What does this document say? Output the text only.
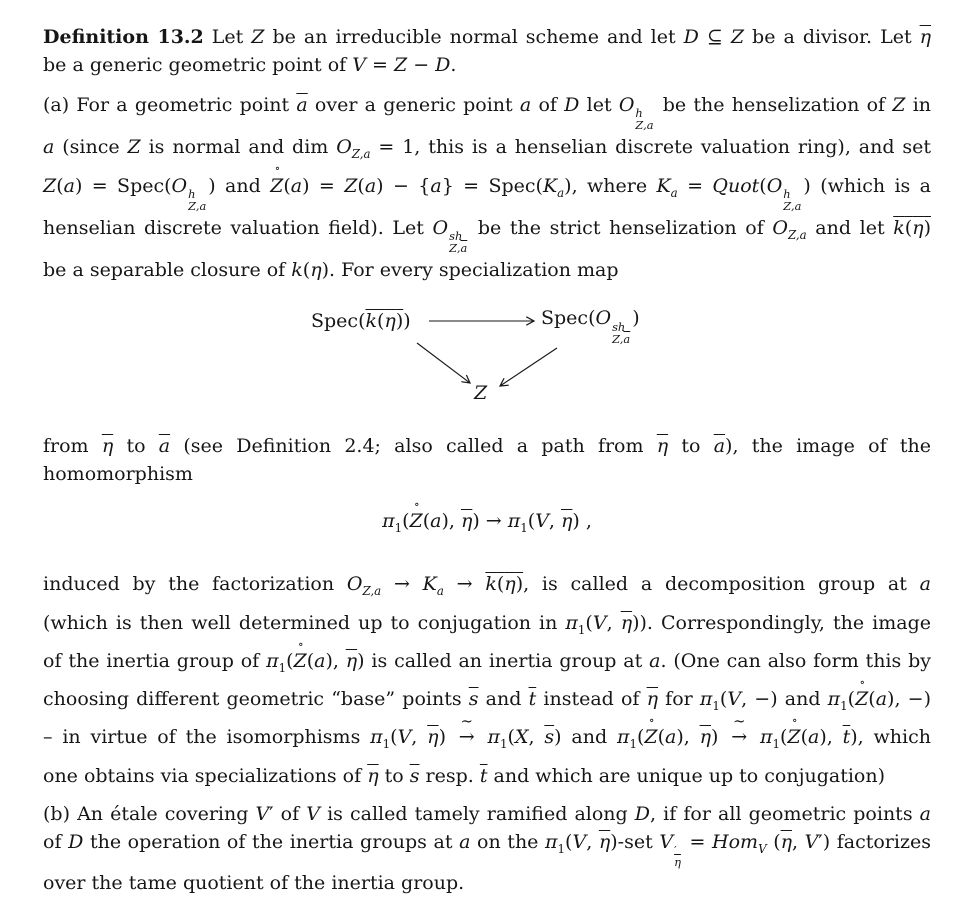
Definition 13.2 Let Z be an irreducible normal scheme and let D ⊆ Z be a divisor. Let $\overline{\eta}$
be a generic geometric point of V = Z − D.
(a) For a geometric point $\overline{a}$ over a generic point a of D let O h
Z,a
be the henselization of Z in
a (since Z is normal and dim $O_{Z,a} = 1$, this is a henselian discrete valuation ring), and set
Z(a) = Spec(O h
Z,a
) and ∘ $Z(a) = Z(a) - \{a\} = Spec(K_a)$, where $K_a$ = Quot(O h
Z,a
) (which is a
henselian discrete valuation field). Let O sh
$Z,\overline{a}$
be the strict henselization of $O_{Z,a}$ and let k(η)
be a separable closure of k(η). For every specialization map
Spec(k(η))	Spec(O sh
$Z,\overline{a}$
)
Z
from $\overline{\eta}$ to $\overline{a}$ (see Definition 2.4; also called a path from $\overline{\eta}$ to $\overline{a}$), the image of the homomorphism
$\pi_1(\circ$ Z(a), $\overline{\eta}) \to \pi_1(V$, $\overline{\eta}$) ,
induced by the factorization $O_{Z,a} \to K_a \to k(\eta)$, is called a decomposition group at a
(which is then well determined up to conjugation in $\pi_1(V$, $\overline{\eta}$)). Correspondingly, the image
of the inertia group of $\pi_1(\circ$ Z(a), $\overline{\eta}$) is called an inertia group at a. (One can also form this by
choosing different geometric “base” points $\overline{s}$ and $\overline{t}$ instead of $\overline{\eta}$ for $\pi_1(V$, −) and $\pi_1(\circ$ Z(a), −)
– in virtue of the isomorphisms $\pi_1(V$, $\overline{\eta}$) ∼ → $\pi_1(X$, $\overline{s}$) and $\pi_1(\circ$ Z(a), $\overline{\eta}$) ∼ → $\pi_1(\circ$ Z(a), $\overline{t}$), which
one obtains via specializations of $\overline{\eta}$ to $\overline{s}$ resp. $\overline{t}$ and which are unique up to conjugation)
(b) An étale covering V′ of V is called tamely ramified along D, if for all geometric points a
of D the operation of the inertia groups at a on the $\pi_1(V$, $\overline{\eta}$)-set V ′
$\overline{\eta}$
= Hom$_V$ ($\overline{\eta}$, V′) factorizes
over the tame quotient of the inertia group.
